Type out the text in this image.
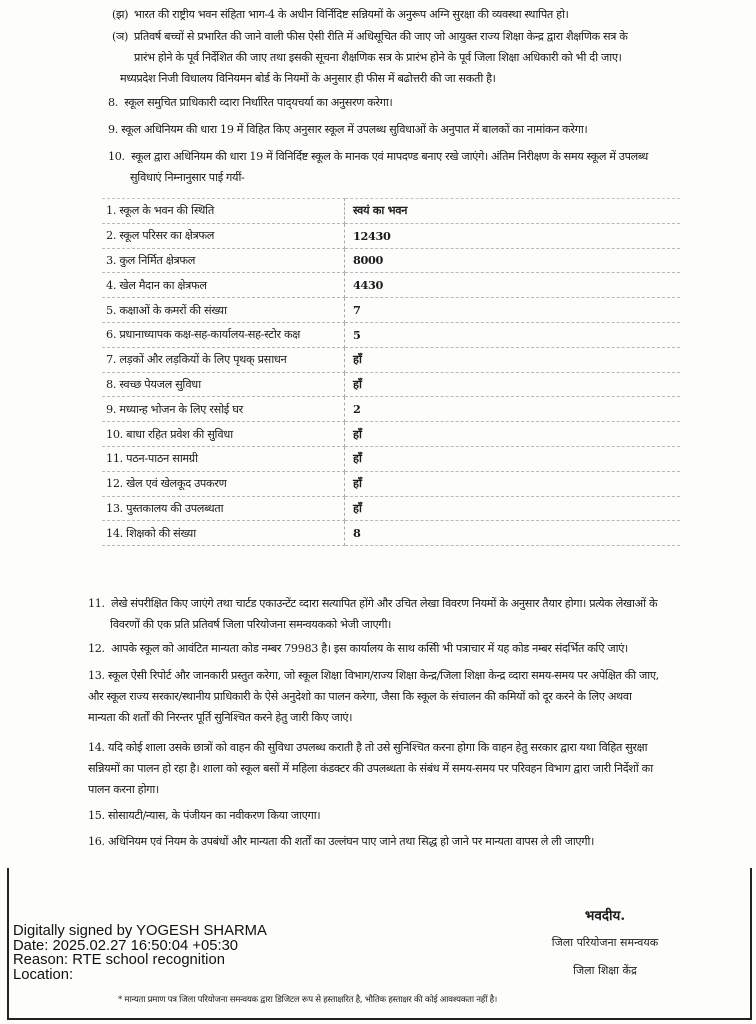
(झ) भारत की राष्ट्रीय भवन संहिता भाग-4 के अधीन विर्निदिष्ट सन्नियमों के अनुरूप अग्नि सुरक्षा की व्यवस्था स्थापित हो।
(ञ) प्रतिवर्ष बच्चों से प्रभारित की जाने वाली फीस ऐसी रीति में अधिसूचित की जाए जो आयुक्त राज्य शिक्षा केन्द्र द्वारा शैक्षणिक सत्र के
प्रारंभ होने के पूर्व निर्देशित की जाए तथा इसकी सूचना शैक्षणिक सत्र के प्रारंभ होने के पूर्व जिला शिक्षा अधिकारी को भी दी जाए।
मध्यप्रदेश निजी विधालय विनियमन बोर्ड के नियमों के अनुसार ही फीस में बढोत्तरी की जा सकती है।
8. स्कूल समुचित प्राधिकारी व्दारा निर्धारित पाद्‍यचर्या का अनुसरण करेगा।
9. स्कूल अधिनियम की धारा 19 में विहित किए अनुसार स्कूल में उपलब्ध सुविधाओं के अनुपात में बालकों का नामांकन करेगा।
10. स्कूल द्वारा अधिनियम की धारा 19 में विनिर्दिष्ट स्कूल के मानक एवं मापदण्ड बनाए रखे जाएंगे। अंतिम निरीक्षण के समय स्कूल में उपलब्ध
सुविधाएं निम्नानुसार पाई गयीं-
1. स्कूल के भवन की स्थिति	स्वयं का भवन
2. स्कूल परिसर का क्षेत्रफल	12430
3. कुल निर्मित क्षेत्रफल	8000
4. खेल मैदान का क्षेत्रफल	4430
5. कक्षाओं के कमरों की संख्या	7
6. प्रधानाध्यापक कक्ष-सह-कार्यालय-सह-स्टोर कक्ष	5
7. लड़कों और लड़कियों के लिए पृथक् प्रसाधन	हाँ
8. स्वच्छ पेयजल सुविधा	हाँ
9. मध्यान्ह भोजन के लिए रसोई घर	2
10. बाधा रहित प्रवेश की सुविधा	हाँ
11. पठन-पाठन सामग्री	हाँ
12. खेल एवं खेलकूद उपकरण	हाँ
13. पुस्तकालय की उपलब्धता	हाँ
14. शिक्षको की संख्या	8
11. लेखे संपरीक्षित किए जाएंगे तथा चार्टड एकाउन्टेंट व्दारा सत्यापित होंगे और उचित लेखा विवरण नियमों के अनुसार तैयार होगा। प्रत्येक लेखाओं के
विवरणों की एक प्रति प्रतिवर्ष जिला परियोजना समन्वयकको भेजी जाएगी।
12. आपके स्कूल को आवंटित मान्यता कोड नम्बर 79983 है। इस कार्यालय के साथ कसिी भी पत्राचार में यह कोड नम्बर संदर्भित कएि जाएं।
13. स्कूल ऐसी रिपोर्ट और जानकारी प्रस्तुत करेगा, जो स्कूल शिक्षा विभाग/राज्य शिक्षा केन्द्र/जिला शिक्षा केन्द्र व्दारा समय-समय पर अपेक्षित की जाए,
और स्कूल राज्य सरकार/स्थानीय प्राधिकारी के ऐसे अनुदेशो का पालन करेगा, जैसा कि स्कूल के संचालन की कमियों को दूर करने के लिए अथवा
मान्यता की शर्तों की निरन्तर पूर्ति सुनिश्चित करने हेतु जारी किए जाएं।
14. यदि कोई शाला उसके छात्रों को वाहन की सुविधा उपलब्ध कराती है तो उसे सुनिश्चित करना होगा कि वाहन हेतु सरकार द्वारा यथा विहित सुरक्षा
सन्नियमों का पालन हो रहा है। शाला को स्कूल बसों में महिला कंडक्टर की उपलब्धता के संबंध में समय-समय पर परिवहन विभाग द्वारा जारी निर्देशों का
पालन करना होगा।
15. सोसायटी/न्यास, के पंजीयन का नवीकरण किया जाएगा।
16. अधिनियम एवं नियम के उपबंधों और मान्यता की शर्तों का उल्लंघन पाए जाने तथा सिद्ध हो जाने पर मान्यता वापस ले ली जाएगी।
Digitally signed by YOGESH SHARMA
Date: 2025.02.27 16:50:04 +05:30
Reason: RTE school recognition
Location:
भवदीय.
जिला परियोजना समन्वयक
जिला शिक्षा केंद्र
* मान्यता प्रमाण पत्र जिला परियोजना समन्वयक द्वारा डिजिटल रूप से हस्ताक्षरित है, भौतिक हस्ताक्षर की कोई आवश्यकता नहीं है।
